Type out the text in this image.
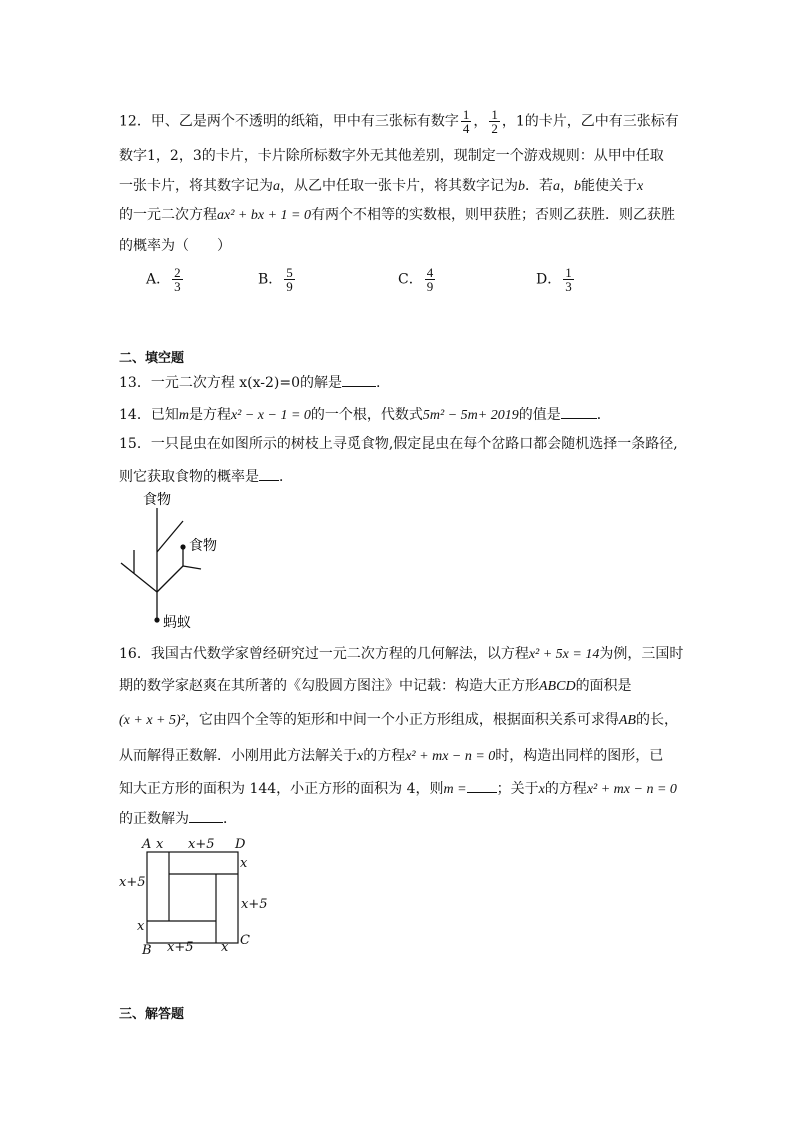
12．甲、乙是两个不透明的纸箱，甲中有三张标有数字 $\frac{1}{4}$ ， $\frac{1}{2}$ ，1的卡片，乙中有三张标有
数字1，2，3的卡片，卡片除所标数字外无其他差别，现制定一个游戏规则：从甲中任取
一张卡片，将其数字记为a，从乙中任取一张卡片，将其数字记为b．若a，b能使关于x
的一元二次方程ax² + bx + 1 = 0有两个不相等的实数根，则甲获胜；否则乙获胜．则乙获胜
的概率为（　　）
A． $\frac{2}{3}$	B． $\frac{5}{9}$	C． $\frac{4}{9}$	D． $\frac{1}{3}$
二、填空题
13．一元二次方程 x(x-2)=0的解是 .
14．已知m是方程x² − x − 1 = 0的一个根，代数式5m² − 5m+ 2019的值是	．
15．一只昆虫在如图所示的树枝上寻觅食物,假定昆虫在每个岔路口都会随机选择一条路径,
则它获取食物的概率是 ．
食物
食物
蚂蚁
16．我国古代数学家曾经研究过一元二次方程的几何解法，以方程x² + 5x = 14为例，三国时
期的数学家赵爽在其所著的《勾股圆方图注》中记载：构造大正方形ABCD的面积是
(x + x + 5)²，它由四个全等的矩形和中间一个小正方形组成，根据面积关系可求得AB的长，
从而解得正数解．小刚用此方法解关于x的方程x² + mx − n = 0时，构造出同样的图形，已
知大正方形的面积为 144，小正方形的面积为 4，则m = ；关于x的方程x² + mx − n = 0
的正数解为 ．
A x x+5 D
x
x+5
x+5
x
C
B x+5 x
三、解答题
